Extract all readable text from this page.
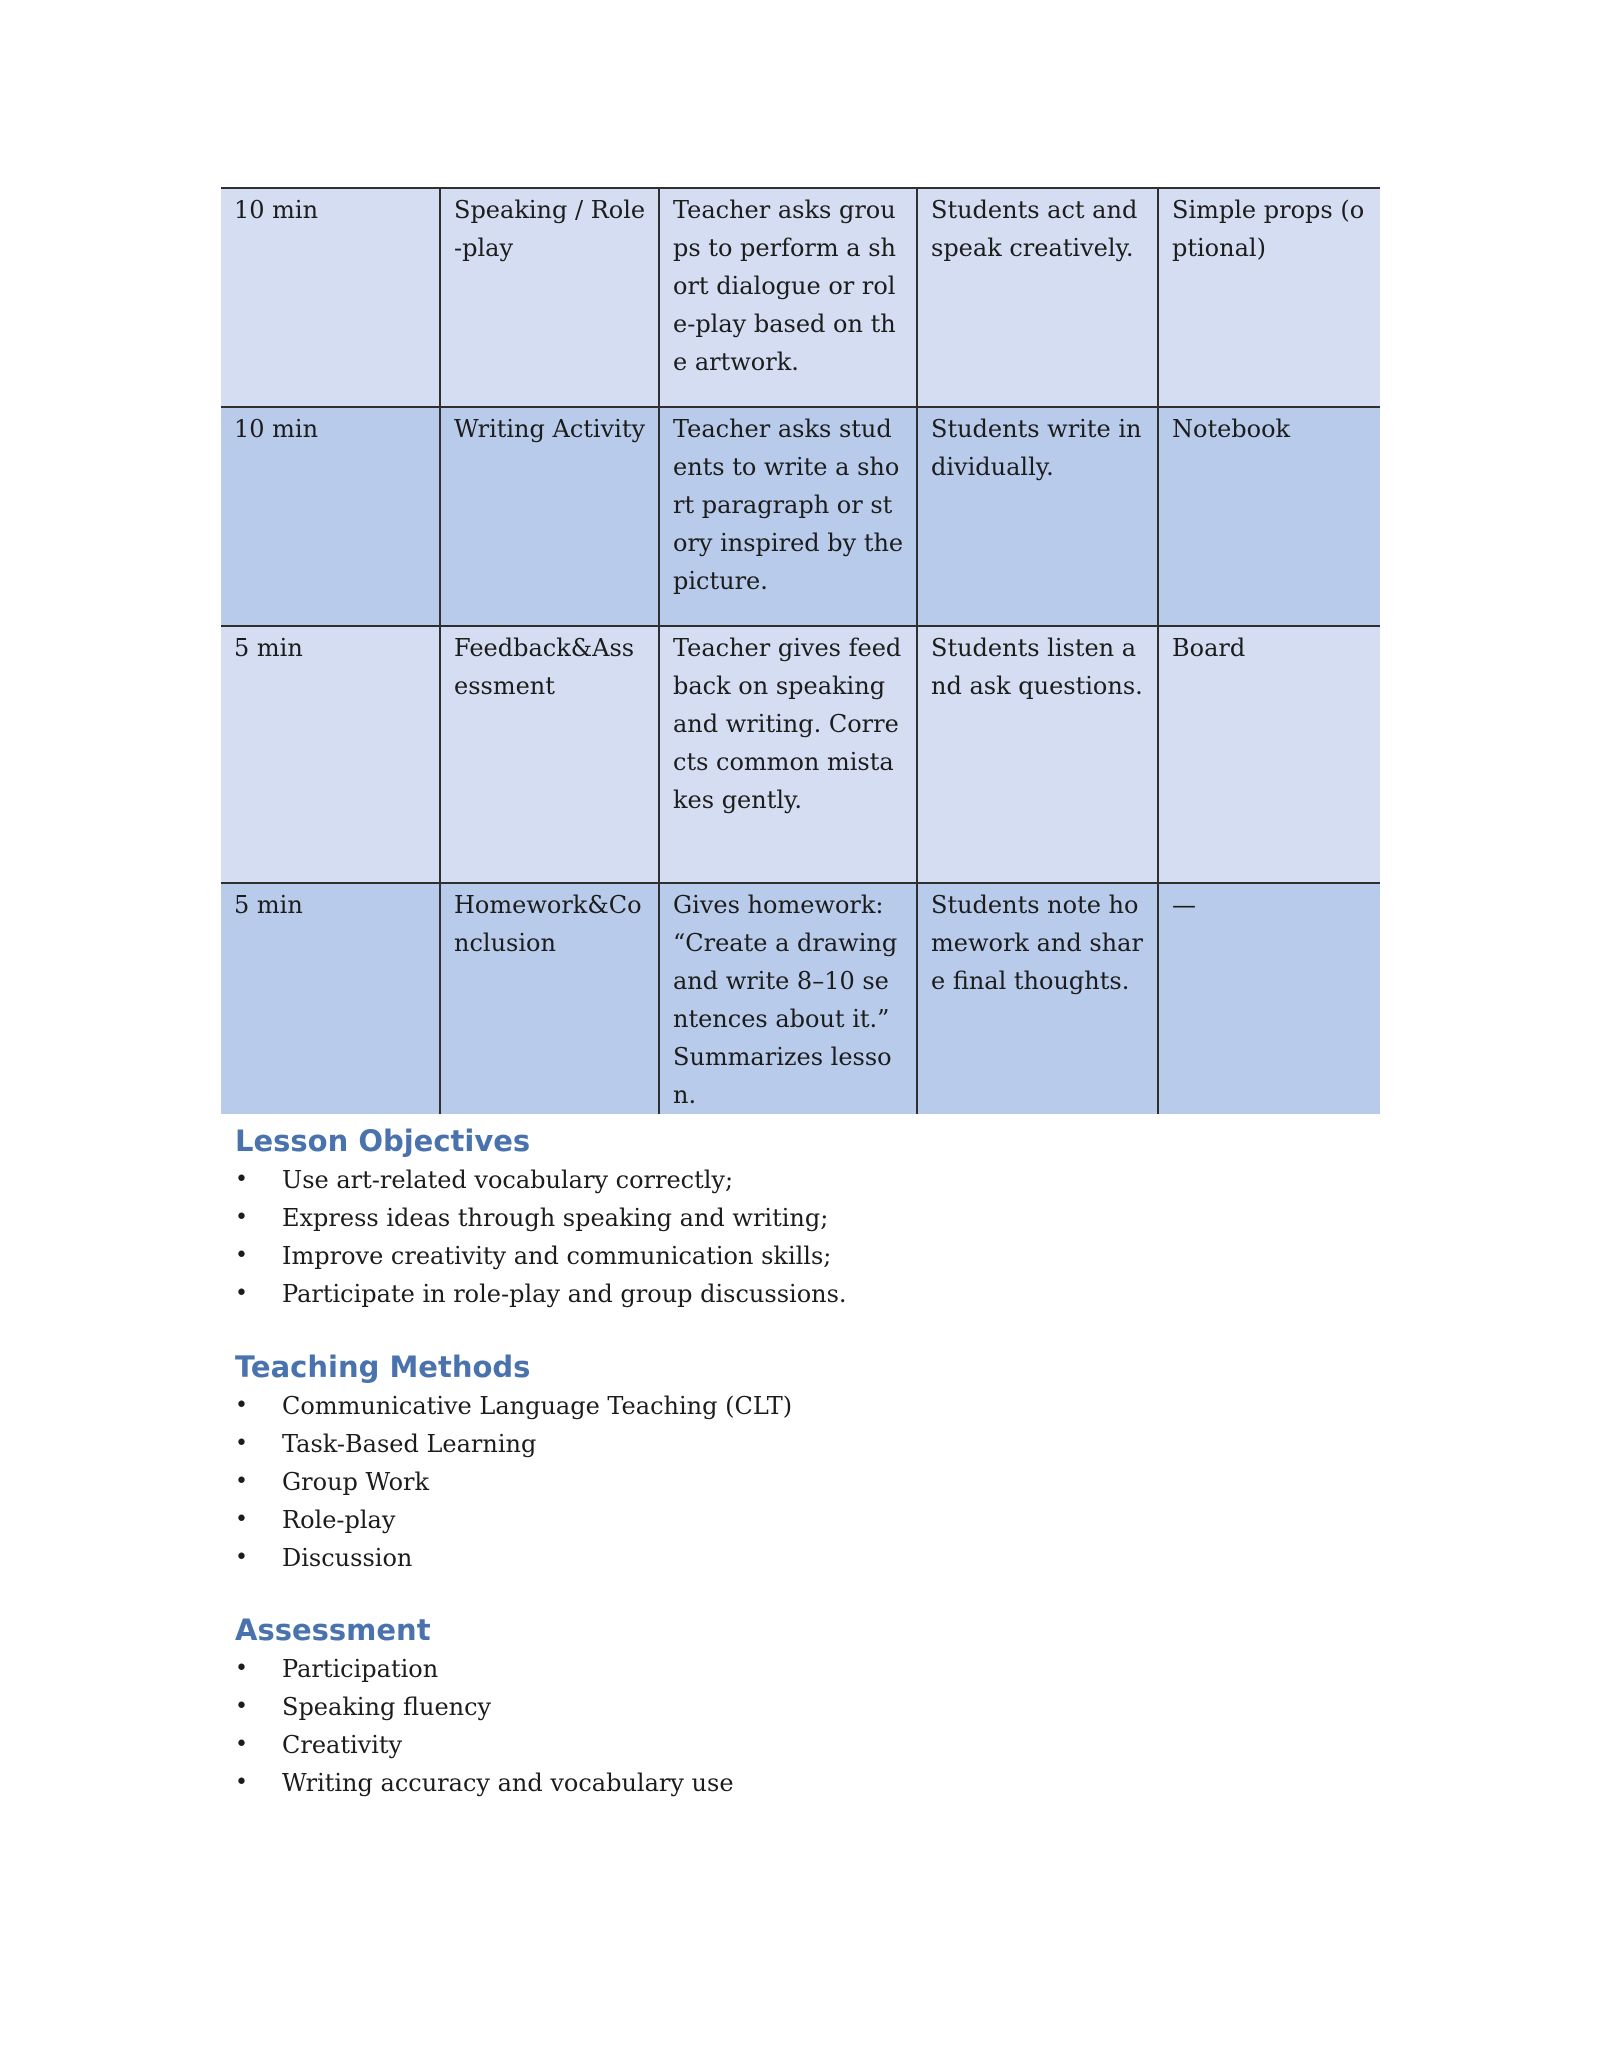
10 min	Speaking / Role-play	Teacher asks groups to perform a short dialogue or role-play based on the artwork.	Students act and speak creatively.	Simple props (optional)
10 min	Writing Activity	Teacher asks students to write a short paragraph or story inspired by the picture.	Students write individually.	Notebook
5 min	Feedback&Assessment	Teacher gives feedback on speaking and writing. Corrects common mistakes gently.	Students listen and ask questions.	Board
5 min	Homework&Conclusion	Gives homework: “Create a drawing and write 8–10 sentences about it.” Summarizes lesson.	Students note homework and share final thoughts.	—
Lesson Objectives
• Use art-related vocabulary correctly;
• Express ideas through speaking and writing;
• Improve creativity and communication skills;
• Participate in role-play and group discussions.
Teaching Methods
• Communicative Language Teaching (CLT)
• Task-Based Learning
• Group Work
• Role-play
• Discussion
Assessment
• Participation
• Speaking fluency
• Creativity
• Writing accuracy and vocabulary use
